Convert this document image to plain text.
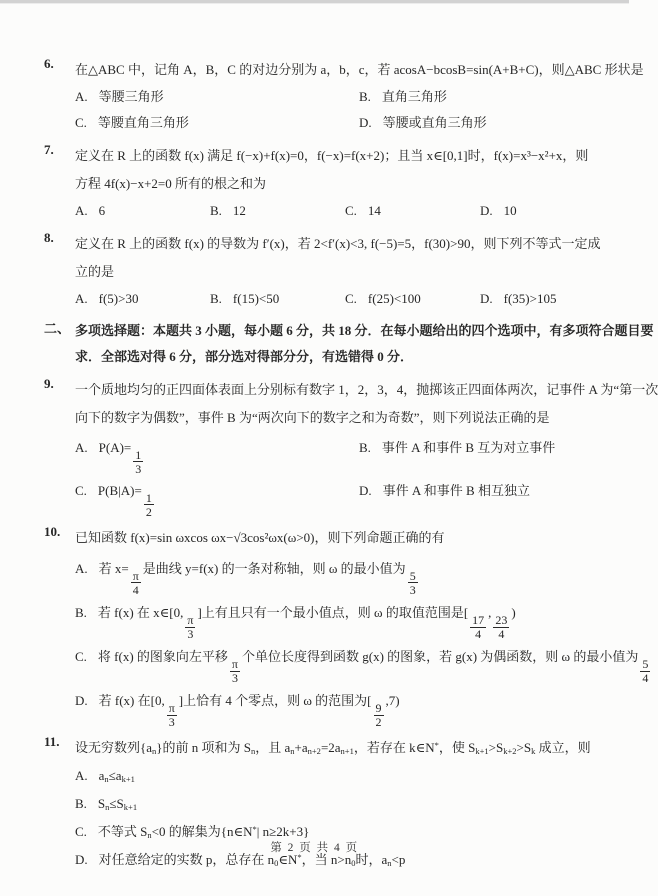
6.	在△ABC 中，记角 A，B，C 的对边分别为 a，b，c，若 acosA−bcosB=sin(A+B+C)，则△ABC 形状是
A. 等腰三角形	B. 直角三角形
C. 等腰直角三角形	D. 等腰或直角三角形
7.	定义在 R 上的函数 f(x) 满足 f(−x)+f(x)=0，f(−x)=f(x+2)；且当 x∈[0,1]时，f(x)=x³−x²+x，则
方程 4f(x)−x+2=0 所有的根之和为
A. 6	B. 12	C. 14	D. 10
8.	定义在 R 上的函数 f(x) 的导数为 f′(x)，若 2<f′(x)<3, f(−5)=5，f(30)>90，则下列不等式一定成
立的是
A. f(5)>30	B. f(15)<50	C. f(25)<100	D. f(35)>105
二、 多项选择题：本题共 3 小题，每小题 6 分，共 18 分．在每小题给出的四个选项中，有多项符合题目要
求．全部选对得 6 分，部分选对得部分分，有选错得 0 分．
9.	一个质地均匀的正四面体表面上分别标有数字 1，2，3，4，抛掷该正四面体两次，记事件 A 为“第一次
向下的数字为偶数”，事件 B 为“两次向下的数字之和为奇数”，则下列说法正确的是
A. P(A)=
$\frac{1}{3}$
B. 事件 A 和事件 B 互为对立事件
C. P(B|A)=
$\frac{1}{2}$
D. 事件 A 和事件 B 相互独立
10.	已知函数 f(x)=sin ωxcos ωx−√3cos²ωx(ω>0)，则下列命题正确的有
A. 若 x=
$\frac{\pi}{4}$
是曲线 y=f(x) 的一条对称轴，则 ω 的最小值为
$\frac{5}{3}$
B. 若 f(x) 在 x∈[0,
$\frac{\pi}{3}$
]上有且只有一个最小值点，则 ω 的取值范围是[
$\frac{17}{4}$
,
$\frac{23}{4}$
)
C. 将 f(x) 的图象向左平移
$\frac{\pi}{3}$
个单位长度得到函数 g(x) 的图象，若 g(x) 为偶函数，则 ω 的最小值为
$\frac{5}{4}$
D. 若 f(x) 在[0,
$\frac{\pi}{3}$
]上恰有 4 个零点，则 ω 的范围为[
$\frac{9}{2}$
,7)
11.	设无穷数列$\{a_n\}$的前 n 项和为 $S_n$，且 $a_n+a_{n+2}=2a_{n+1}$，若存在 k∈N*，使 $S_{k+1}>S_{k+2}>S_k$ 成立，则
A. $a_n\le a_{k+1}$
B. $S_n\le S_{k+1}$
C. 不等式 $S_n<0$ 的解集为{n∈N*| n≥2k+3}
D. 对任意给定的实数 p，总存在 $n_0\in N^*$，当 $n>n_0$时，$a_n<p$
第 2 页 共 4 页
